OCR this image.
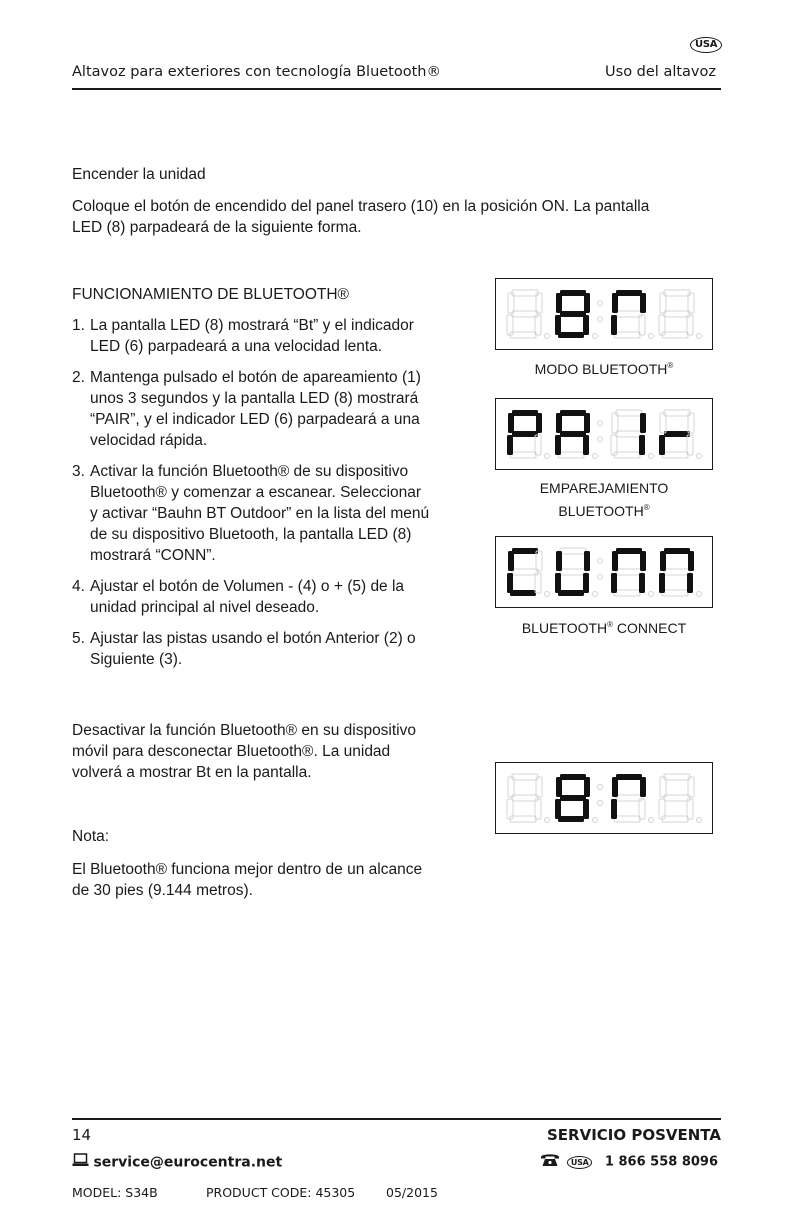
USA
Altavoz para exteriores con tecnología Bluetooth®	Uso del altavoz
Encender la unidad
Coloque el botón de encendido del panel trasero (10) en la posición ON. La pantalla
LED (8) parpadeará de la siguiente forma.
FUNCIONAMIENTO DE BLUETOOTH®
1. La pantalla LED (8) mostrará “Bt” y el indicador
LED (6) parpadeará a una velocidad lenta.
2. Mantenga pulsado el botón de apareamiento (1)
unos 3 segundos y la pantalla LED (8) mostrará
“PAIR”, y el indicador LED (6) parpadeará a una
velocidad rápida.
3. Activar la función Bluetooth® de su dispositivo
Bluetooth® y comenzar a escanear. Seleccionar
y activar “Bauhn BT Outdoor” en la lista del menú
de su dispositivo Bluetooth, la pantalla LED (8)
mostrará “CONN”.
4. Ajustar el botón de Volumen - (4) o + (5) de la
unidad principal al nivel deseado.
5. Ajustar las pistas usando el botón Anterior (2) o
Siguiente (3).
MODO BLUETOOTH®
EMPAREJAMIENTO
BLUETOOTH®
BLUETOOTH® CONNECT
Desactivar la función Bluetooth® en su dispositivo
móvil para desconectar Bluetooth®. La unidad
volverá a mostrar Bt en la pantalla.
Nota:
El Bluetooth® funciona mejor dentro de un alcance
de 30 pies (9.144 metros).
14	SERVICIO POSVENTA
service@eurocentra.net	USA 1 866 558 8096
MODEL: S34B	PRODUCT CODE: 45305 05/2015
